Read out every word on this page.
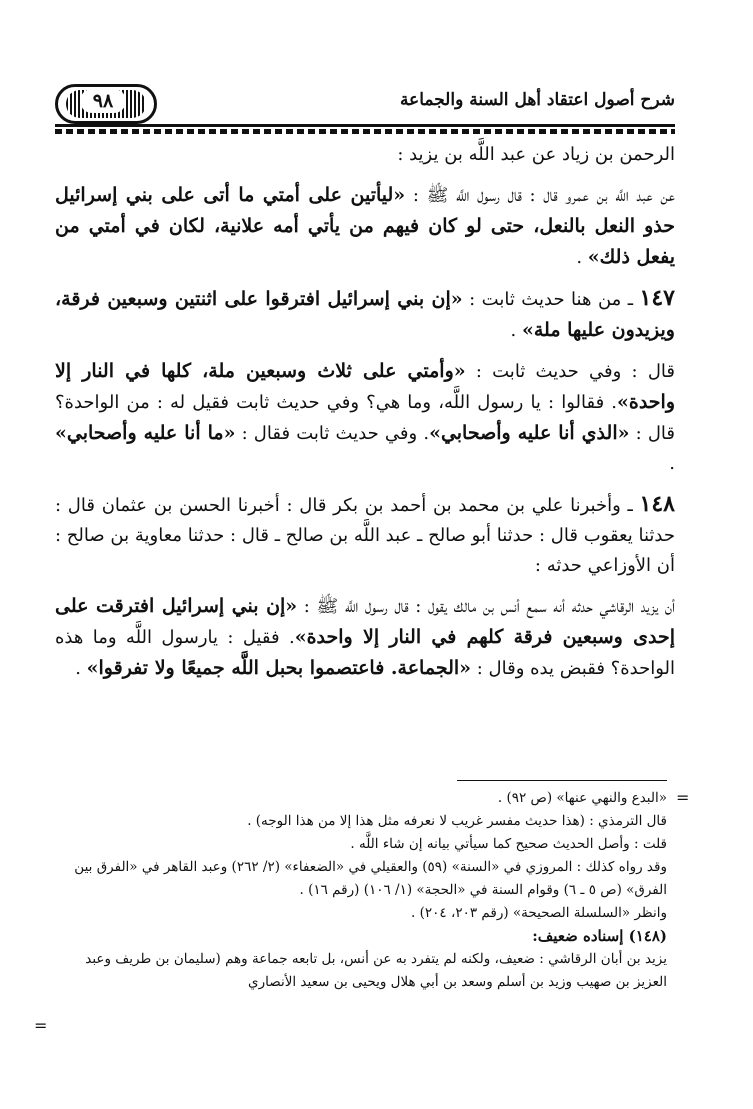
٩٨	شرح أصول اعتقاد أهل السنة والجماعة

الرحمن بن زياد عن عبد اللَّه بن يزيد :

عن عبد اللَّه بن عمرو قال : قال رسول اللَّه ﷺ : «ليأتين على أمتي ما أتى على بني إسرائيل حذو النعل بالنعل، حتى لو كان فيهم من يأتي أمه علانية، لكان في أمتي من يفعل ذلك» .

١٤٧ ـ من هنا حديث ثابت : «إن بني إسرائيل افترقوا على اثنتين وسبعين فرقة، ويزيدون عليها ملة» .

قال : وفي حديث ثابت : «وأمتي على ثلاث وسبعين ملة، كلها في النار إلا واحدة». فقالوا : يا رسول اللَّه، وما هي؟ وفي حديث ثابت فقيل له : من الواحدة؟ قال : «الذي أنا عليه وأصحابي». وفي حديث ثابت فقال : «ما أنا عليه وأصحابي» .

١٤٨ ـ وأخبرنا علي بن محمد بن أحمد بن بكر قال : أخبرنا الحسن بن عثمان قال : حدثنا يعقوب قال : حدثنا أبو صالح ـ عبد اللَّه بن صالح ـ قال : حدثنا معاوية بن صالح : أن الأوزاعي حدثه :

أن يزيد الرقاشي حدثه أنه سمع أنس بن مالك يقول : قال رسول اللَّه ﷺ : «إن بني إسرائيل افترقت على إحدى وسبعين فرقة كلهم في النار إلا واحدة». فقيل : يارسول اللَّه وما هذه الواحدة؟ فقبض يده وقال : «الجماعة. فاعتصموا بحبل اللَّه جميعًا ولا تفرقوا» .

=

«البدع والنهي عنها» (ص ٩٢) .

قال الترمذي : (هذا حديث مفسر غريب لا نعرفه مثل هذا إلا من هذا الوجه) .

قلت : وأصل الحديث صحيح كما سيأتي بيانه إن شاء اللَّه .

وقد رواه كذلك : المروزي في «السنة» (٥٩) والعقيلي في «الضعفاء» (٢/ ٢٦٢) وعبد القاهر في «الفرق بين الفرق» (ص ٥ ـ ٦) وقوام السنة في «الحجة» (١/ ١٠٦) (رقم ١٦) .

وانظر «السلسلة الصحيحة» (رقم ٢٠٣، ٢٠٤) .

(١٤٨) إسناده ضعيف:

يزيد بن أبان الرقاشي : ضعيف، ولكنه لم يتفرد به عن أنس، بل تابعه جماعة وهم (سليمان بن طريف وعبد العزيز بن صهيب وزيد بن أسلم وسعد بن أبي هلال ويحيى بن سعيد الأنصاري

=
